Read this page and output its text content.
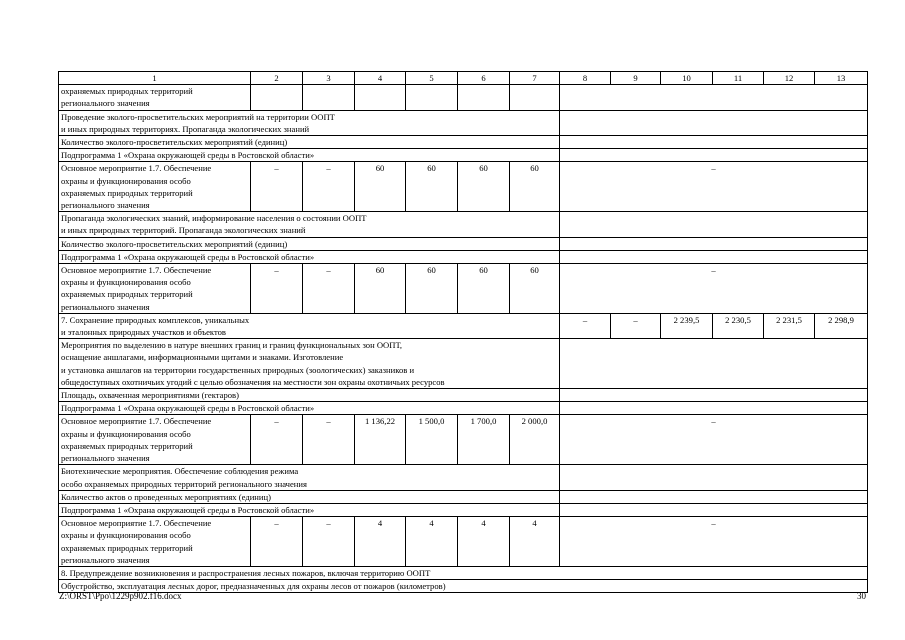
1	2	3	4	5	6	7	8	9	10	11	12	13
охраняемых природных территорий
регионального значения												
Проведение эколого-просветительских мероприятий на территории ООПТ
и иных природных территориях. Пропаганда экологических знаний												
Количество эколого-просветительских мероприятий (единиц)												
Подпрограмма 1 «Охрана окружающей среды в Ростовской области»												
Основное мероприятие 1.7. Обеспечение
охраны и функционирования особо
охраняемых природных территорий
регионального значения	–	–	60	60	60	60	–					
Пропаганда экологических знаний, информирование населения о состоянии ООПТ
и иных природных территорий. Пропаганда экологических знаний												
Количество эколого-просветительских мероприятий (единиц)												
Подпрограмма 1 «Охрана окружающей среды в Ростовской области»												
Основное мероприятие 1.7. Обеспечение
охраны и функционирования особо
охраняемых природных территорий
регионального значения	–	–	60	60	60	60	–					
7. Сохранение природных комплексов, уникальных
и эталонных природных участков и объектов							–	–	2 239,5	2 230,5	2 231,5	2 298,9
Мероприятия по выделению в натуре внешних границ и границ функциональных зон ООПТ,
оснащение аншлагами, информационными щитами и знаками. Изготовление
и установка аншлагов на территории государственных природных (зоологических) заказников и
общедоступных охотничьих угодий с целью обозначения на местности зон охраны охотничьих ресурсов												
Площадь, охваченная мероприятиями (гектаров)												
Подпрограмма 1 «Охрана окружающей среды в Ростовской области»												
Основное мероприятие 1.7. Обеспечение
охраны и функционирования особо
охраняемых природных территорий
регионального значения	–	–	1 136,22	1 500,0	1 700,0	2 000,0	–					
Биотехнические мероприятия. Обеспечение соблюдения режима
особо охраняемых природных территорий регионального значения												
Количество актов о проведенных мероприятиях (единиц)												
Подпрограмма 1 «Охрана окружающей среды в Ростовской области»												
Основное мероприятие 1.7. Обеспечение
охраны и функционирования особо
охраняемых природных территорий
регионального значения	–	–	4	4	4	4	–					
8. Предупреждение возникновения и распространения лесных пожаров, включая территорию ООПТ												
Обустройство, эксплуатация лесных дорог, предназначенных для охраны лесов от пожаров (километров)												
Z:\ORST\Ppo\1229p902.f16.docx	30
